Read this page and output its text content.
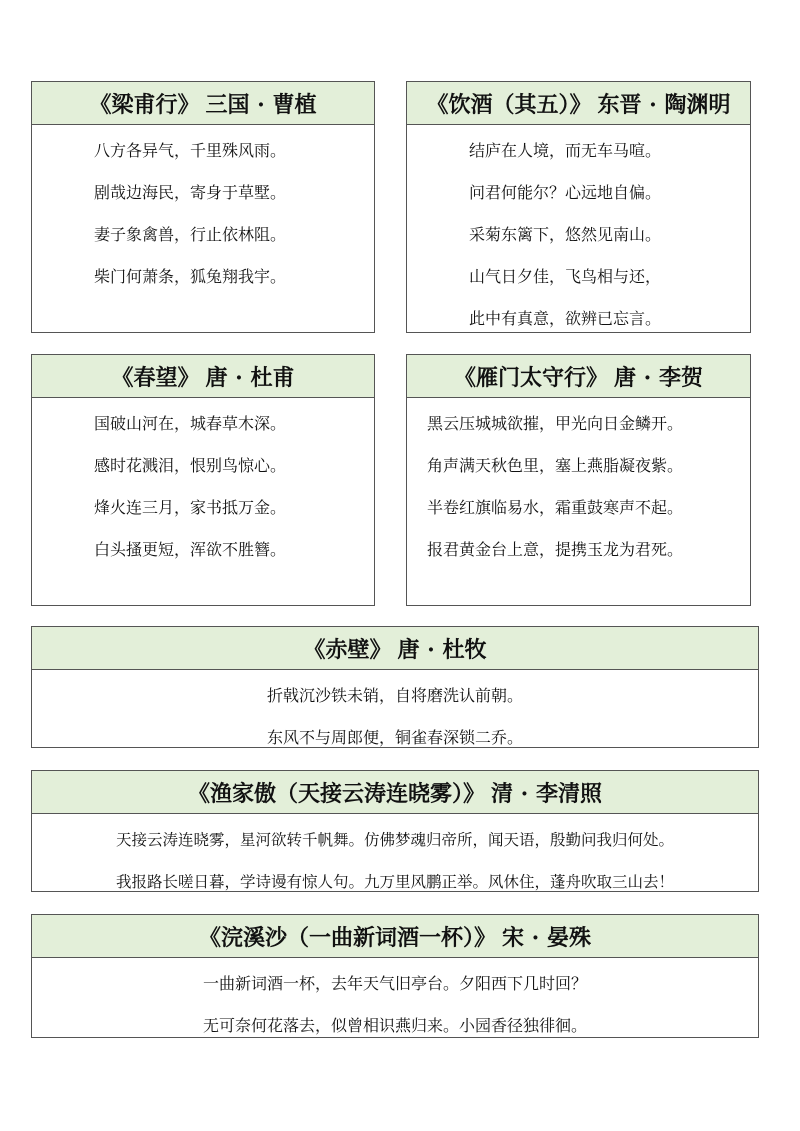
《梁甫行》 三国 · 曹植
八方各异气，千里殊风雨。
剧哉边海民，寄身于草墅。
妻子象禽兽，行止依林阻。
柴门何萧条，狐兔翔我宇。
《饮酒（其五）》 东晋 · 陶渊明
结庐在人境，而无车马喧。
问君何能尔？心远地自偏。
采菊东篱下，悠然见南山。
山气日夕佳，飞鸟相与还，
此中有真意，欲辨已忘言。
《春望》 唐 · 杜甫
国破山河在，城春草木深。
感时花溅泪，恨别鸟惊心。
烽火连三月，家书抵万金。
白头搔更短，浑欲不胜簪。
《雁门太守行》 唐 · 李贺
黑云压城城欲摧，甲光向日金鳞开。
角声满天秋色里，塞上燕脂凝夜紫。
半卷红旗临易水，霜重鼓寒声不起。
报君黄金台上意，提携玉龙为君死。
《赤壁》 唐 · 杜牧
折戟沉沙铁未销，自将磨洗认前朝。
东风不与周郎便，铜雀春深锁二乔。
《渔家傲（天接云涛连晓雾）》 清 · 李清照
天接云涛连晓雾，星河欲转千帆舞。仿佛梦魂归帝所，闻天语，殷勤问我归何处。
我报路长嗟日暮，学诗谩有惊人句。九万里风鹏正举。风休住，蓬舟吹取三山去！
《浣溪沙（一曲新词酒一杯）》 宋 · 晏殊
一曲新词酒一杯，去年天气旧亭台。夕阳西下几时回？
无可奈何花落去，似曾相识燕归来。小园香径独徘徊。
